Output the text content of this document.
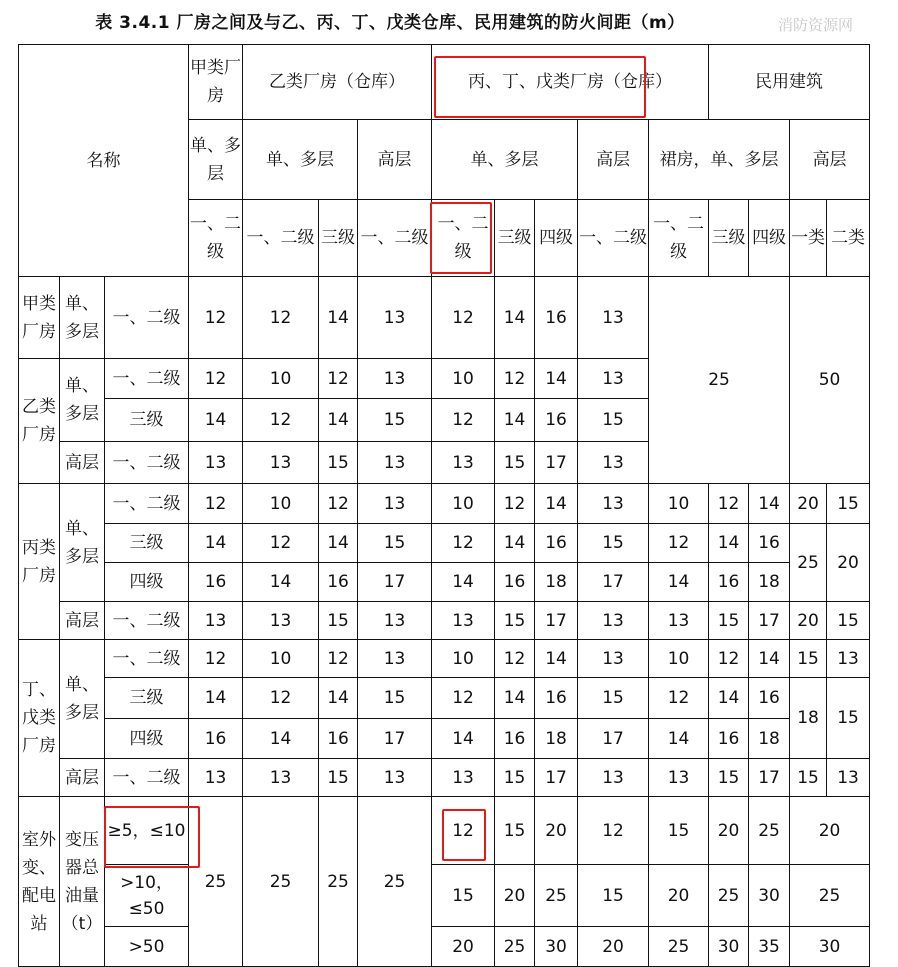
表 3.4.1 厂房之间及与乙、丙、丁、戊类仓库、民用建筑的防火间距（m）	消防资源网
名称			甲类厂房	乙类厂房（仓库）			丙、丁、戊类厂房（仓库）					民用建筑			
			单、多层	单、多层		高层	单、多层			高层	裙房，单、多层			高层	
			一、二级	一、二级	三级	一、二级	一、二级	三级	四级	一、二级	一、二级	三级	四级	一类	二类
甲类厂房	单、多层	一、二级	12	12	14	13	12	14	16	13	25			50	
乙类厂房	单、多层	一、二级	12	10	12	13	10	12	14	13					
		三级	14	12	14	15	12	14	16	15					
	高层	一、二级	13	13	15	13	13	15	17	13					
丙类厂房	单、多层	一、二级	12	10	12	13	10	12	14	13	10	12	14	20	15
		三级	14	12	14	15	12	14	16	15	12	14	16	25	20
		四级	16	14	16	17	14	16	18	17	14	16	18		
	高层	一、二级	13	13	15	13	13	15	17	13	13	15	17	20	15
丁、戊类厂房	单、多层	一、二级	12	10	12	13	10	12	14	13	10	12	14	15	13
		三级	14	12	14	15	12	14	16	15	12	14	16	18	15
		四级	16	14	16	17	14	16	18	17	14	16	18		
	高层	一、二级	13	13	15	13	13	15	17	13	13	15	17	15	13
室外变、配电站	变压器总油量（t）	≥5，≤10	25	25	25	25	12	15	20	12	15	20	25	20	
		>10，≤50					15	20	25	15	20	25	30	25	
		>50					20	25	30	20	25	30	35	30	
